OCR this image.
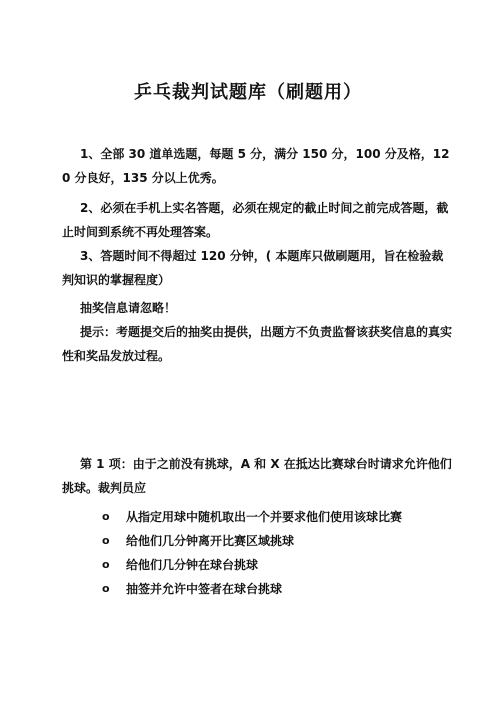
乒乓裁判试题库（刷题用）

1、全部 30 道单选题，每题 5 分，满分 150 分，100 分及格，120 分良好，135 分以上优秀。

2、必须在手机上实名答题，必须在规定的截止时间之前完成答题，截止时间到系统不再处理答案。

3、答题时间不得超过 120 分钟，( 本题库只做刷题用，旨在检验裁判知识的掌握程度）

抽奖信息请忽略！

提示：考题提交后的抽奖由提供，出题方不负责监督该获奖信息的真实性和奖品发放过程。

第 1 项：由于之前没有挑球，A 和 X 在抵达比赛球台时请求允许他们挑球。裁判员应

o	从指定用球中随机取出一个并要求他们使用该球比赛
o	给他们几分钟离开比赛区域挑球
o	给他们几分钟在球台挑球
o	抽签并允许中签者在球台挑球
